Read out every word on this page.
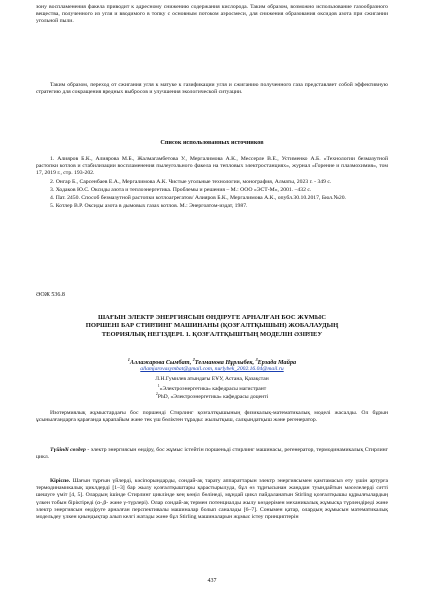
зону воспламенения факела приводит к адресному снижению содержания кислорода. Таким образом, возможно использование газообразного вещества, полученного из угля и вводимого в топку с основным потоком аэросмеси, для снижения образования оксидов азота при сжигании угольной пыли.

Таким образом, переход от сжигания угля к матуке к газификации угля и сжиганию полученного газа представляет собой эффективную стратегию для сокращения вредных выбросов и улучшения экологической ситуации.

Список использованных источников
1. Алияров Б.К., Алиярова М.Б., Жалмагамбетова У., Мергалимова А.К., Мессерле В.Е., Устименко А.Б. «Технологии безмазутной растопки котлов и стабилизации воспламенения пылеугольного факела на тепловых электростанциях», журнал «Горение и плазмохимия», том 17, 2019 г., стр. 193-202.
2. Онгар Б., Сарсенбаев Е.А., Мергалимова А.К. Чистые угольные технологии, монография, Алматы, 2023 г. - 349 с.
3. Ходаков Ю.С. Оксиды азота и теплоэнергетика. Проблемы и решения – М.: ООО «ЭСТ-М», 2001. –432 с.
4. Пат. 2450. Способ безмазутной растопки котлоагрегатов/ Алияров Б.К., Мергалимова А.К., опубл.30.10.2017, Бюл.№20.
5. Котлер В.Р. Оксиды азота в дымовых газах котлов. М.: Энергоатом-издат, 1987.
ӘОЖ 536.8
ШАҒЫН ЭЛЕКТР ЭНЕРГИЯСЫН ӨНДІРУГЕ АРНАЛҒАН БОС ЖҰМЫС
ПОРШЕНІ БАР СТИРЛИНГ МАШИНАНЫ (ҚОЗҒАЛТҚЫШЫН) ЖОБАЛАУДЫҢ
ТЕОРИЯЛЫҚ НЕГІЗДЕРІ. 1. ҚОЗҒАЛТҚЫШТЫҢ МОДЕЛІН ӘЗІРЛЕУ
$^1$Аллажарова Сымбат, $^2$Телманова Нұрлыбек, $^3$Ерзада Майра
allamjarovasymbat@gmail.com, nurlybek_2002.16.04@mail.ru
Л.Н.Гумилев атындағы ЕҰУ, Астана, Қазақстан
$^1$«Электроэнергетика» кафедрасы магистрант
$^2$PhD, «Электроэнергетика» кафедрасы доценті

Изотермиялық жұмыстардағы бос поршенді Стирлинг қозғалтқышының физикалық-математикалық моделі жасалды. Ол бұрын ұсынылғандарға қарағанда қарапайым және тек үш бөліктен тұрады: жылытқыш, салқындатқыш және регенератор.

Түйінді сөздер - электр энергиясын өндіру, бос жұмыс істейтін поршеньді стирлинг машинасы, регенератор, термодинамикалық Стирлинг цикл.

Кіріспе. Шағын тұрғын үйлерді, кәсіпорындарды, сондай-ақ тарату аппараттарын электр энергиясымен қамтамасыз ету үшін артурға термодинамикалық циклдерді [1–3] бар жылу қозғалтқыштары қарастырылуда, бұл өз тұрғысынан жаңадан туындайтын мәселелерді сәтті шешуге үміт [4, 5]. Олардың ішінде Стирлинг циклінде кең көңіл бөлінеді, мұндай цикл пайдаланатын Stirling қозғалтқышы құрылғылардың үлкен тобын біріктіреді (α-,β- және γ-түрлері). Олар сондай-ақ термен потенциалды жылу көздерімен механикалық жұмысқа түрлендіреді және электр энергиясын өндіруге арналған перспективалы машиналар болып саналады [6–7]. Сонымен қатар, олардың жұмысын математикалық модельдеу үлкен қиындықтар алып келгі жатады және бұл Stirling машиналарын жұмыс істеу принциптерін

437
